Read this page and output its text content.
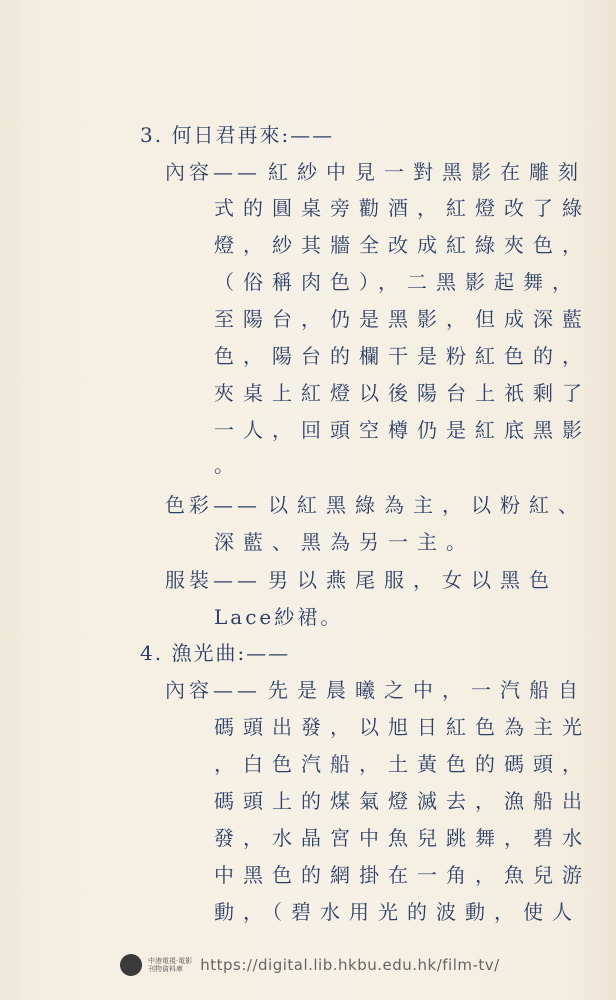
3. 何日君再來:——
內容—— 紅紗中見一對黑影在雕刻
式的圓桌旁勸酒，紅燈改了綠
燈，紗其牆全改成紅綠夾色，
（俗稱肉色），二黑影起舞，
至陽台，仍是黑影，但成深藍
色，陽台的欄干是粉紅色的，
夾桌上紅燈以後陽台上祇剩了
一人，回頭空樽仍是紅底黑影
。
色彩—— 以紅黑綠為主，以粉紅、
深藍、黑為另一主。
服裝—— 男以燕尾服，女以黑色
Lace紗裙。
4. 漁光曲:——
內容—— 先是晨曦之中，一汽船自
碼頭出發，以旭日紅色為主光
，白色汽船，土黃色的碼頭，
碼頭上的煤氣燈滅去，漁船出
發，水晶宮中魚兒跳舞，碧水
中黑色的網掛在一角，魚兒游
動，（碧水用光的波動，使人
中港電視·電影
刊物資料庫	https://digital.lib.hkbu.edu.hk/film-tv/
